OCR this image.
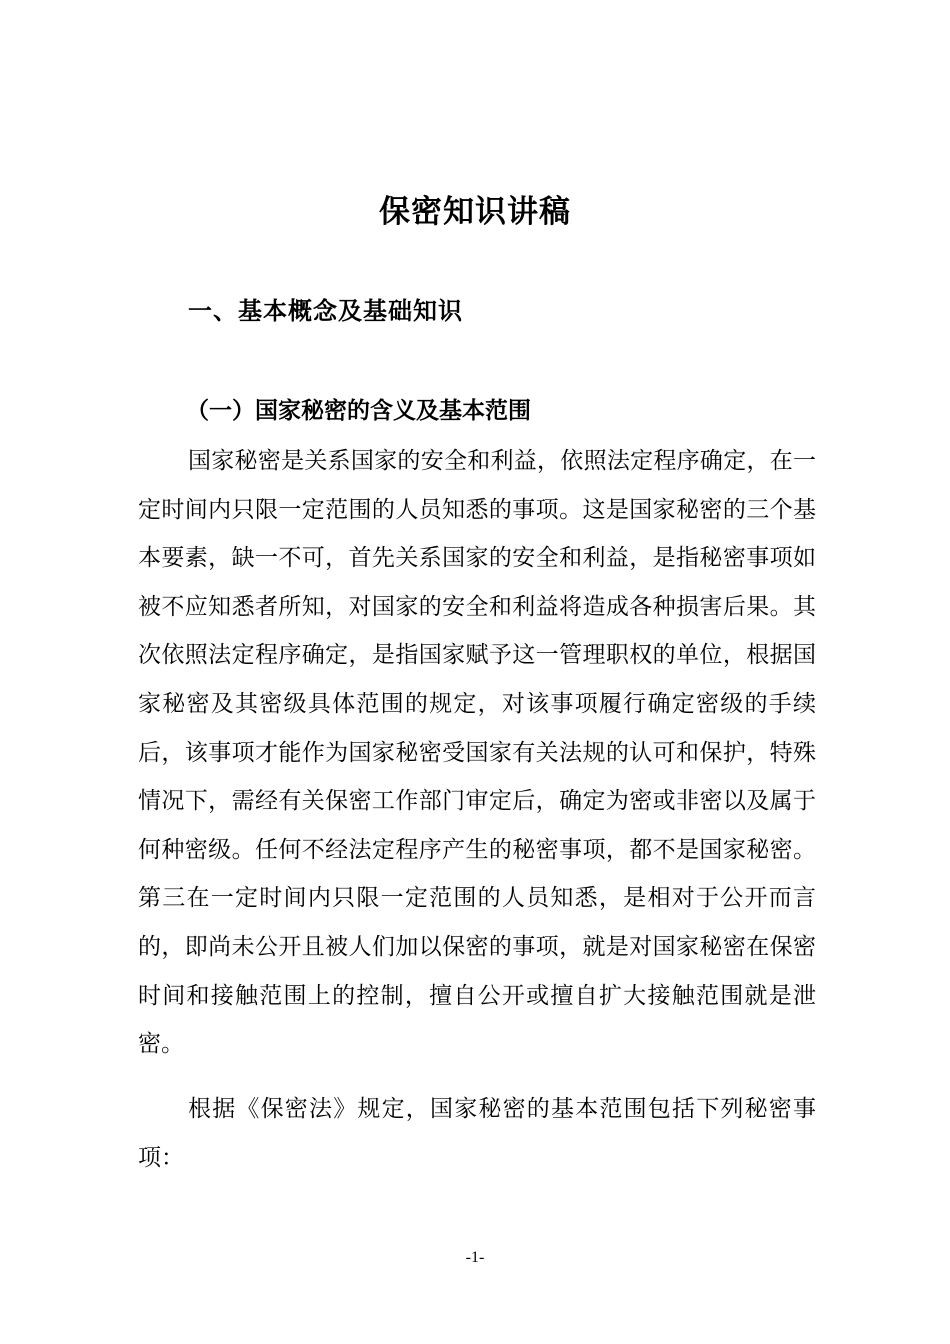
保密知识讲稿
一、基本概念及基础知识
（一）国家秘密的含义及基本范围

国家秘密是关系国家的安全和利益，依照法定程序确定，在一定时间内只限一定范围的人员知悉的事项。这是国家秘密的三个基本要素，缺一不可，首先关系国家的安全和利益，是指秘密事项如被不应知悉者所知，对国家的安全和利益将造成各种损害后果。其次依照法定程序确定，是指国家赋予这一管理职权的单位，根据国家秘密及其密级具体范围的规定，对该事项履行确定密级的手续后，该事项才能作为国家秘密受国家有关法规的认可和保护，特殊情况下，需经有关保密工作部门审定后，确定为密或非密以及属于何种密级。任何不经法定程序产生的秘密事项，都不是国家秘密。第三在一定时间内只限一定范围的人员知悉，是相对于公开而言的，即尚未公开且被人们加以保密的事项，就是对国家秘密在保密时间和接触范围上的控制，擅自公开或擅自扩大接触范围就是泄密。

根据《保密法》规定，国家秘密的基本范围包括下列秘密事项：

-1-
